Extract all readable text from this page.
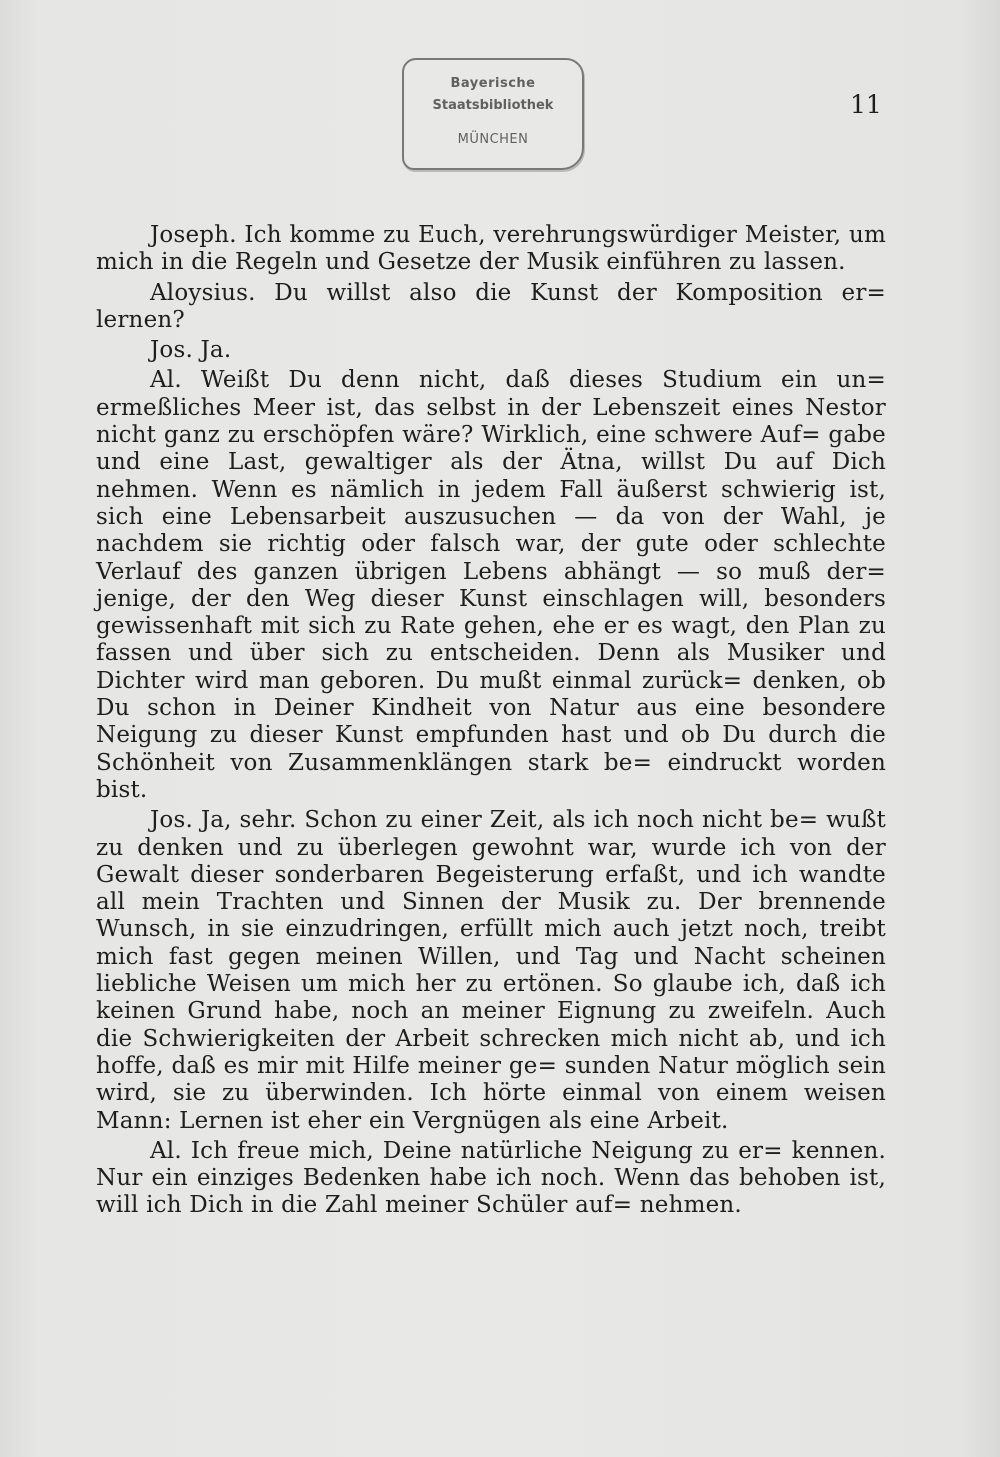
Bayerische
Staatsbibliothek
MÜNCHEN
11

Joseph. Ich komme zu Euch, verehrungswürdiger Meister, um mich in die Regeln und Gesetze der Musik einführen zu lassen.

Aloysius. Du willst also die Kunst der Komposition er= lernen?

Jos. Ja.

Al. Weißt Du denn nicht, daß dieses Studium ein un= ermeßliches Meer ist, das selbst in der Lebenszeit eines Nestor nicht ganz zu erschöpfen wäre? Wirklich, eine schwere Auf= gabe und eine Last, gewaltiger als der Ätna, willst Du auf Dich nehmen. Wenn es nämlich in jedem Fall äußerst schwierig ist, sich eine Lebensarbeit auszusuchen — da von der Wahl, je nachdem sie richtig oder falsch war, der gute oder schlechte Verlauf des ganzen übrigen Lebens abhängt — so muß der= jenige, der den Weg dieser Kunst einschlagen will, besonders gewissenhaft mit sich zu Rate gehen, ehe er es wagt, den Plan zu fassen und über sich zu entscheiden. Denn als Musiker und Dichter wird man geboren. Du mußt einmal zurück= denken, ob Du schon in Deiner Kindheit von Natur aus eine besondere Neigung zu dieser Kunst empfunden hast und ob Du durch die Schönheit von Zusammenklängen stark be= eindruckt worden bist.

Jos. Ja, sehr. Schon zu einer Zeit, als ich noch nicht be= wußt zu denken und zu überlegen gewohnt war, wurde ich von der Gewalt dieser sonderbaren Begeisterung erfaßt, und ich wandte all mein Trachten und Sinnen der Musik zu. Der brennende Wunsch, in sie einzudringen, erfüllt mich auch jetzt noch, treibt mich fast gegen meinen Willen, und Tag und Nacht scheinen liebliche Weisen um mich her zu ertönen. So glaube ich, daß ich keinen Grund habe, noch an meiner Eignung zu zweifeln. Auch die Schwierigkeiten der Arbeit schrecken mich nicht ab, und ich hoffe, daß es mir mit Hilfe meiner ge= sunden Natur möglich sein wird, sie zu überwinden. Ich hörte einmal von einem weisen Mann: Lernen ist eher ein Vergnügen als eine Arbeit.

Al. Ich freue mich, Deine natürliche Neigung zu er= kennen. Nur ein einziges Bedenken habe ich noch. Wenn das behoben ist, will ich Dich in die Zahl meiner Schüler auf= nehmen.
